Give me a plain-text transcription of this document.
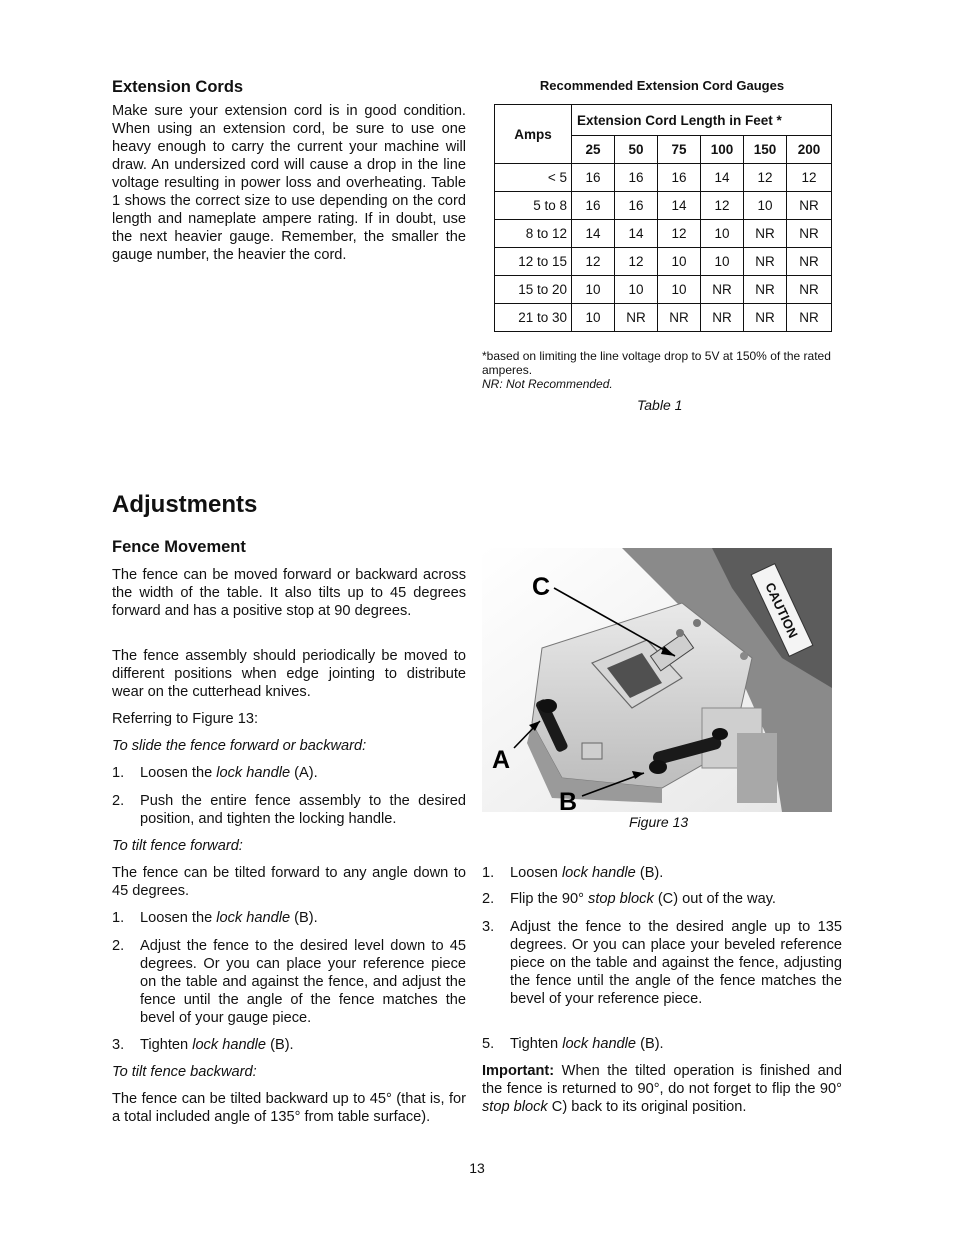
Extension Cords

Make sure your extension cord is in good condition. When using an extension cord, be sure to use one heavy enough to carry the current your machine will draw. An undersized cord will cause a drop in the line voltage resulting in power loss and overheating. Table 1 shows the correct size to use depending on the cord length and nameplate ampere rating. If in doubt, use the next heavier gauge. Remember, the smaller the gauge number, the heavier the cord.

Recommended Extension Cord Gauges
Amps	Extension Cord Length in Feet *					
	25	50	75	100	150	200
< 5	16	16	16	14	12	12
5 to 8	16	16	14	12	10	NR
8 to 12	14	14	12	10	NR	NR
12 to 15	12	12	10	10	NR	NR
15 to 20	10	10	10	NR	NR	NR
21 to 30	10	NR	NR	NR	NR	NR
*based on limiting the line voltage drop to 5V at 150% of the rated amperes.
NR: Not Recommended.
Table 1
Adjustments
Fence Movement

The fence can be moved forward or backward across the width of the table. It also tilts up to 45 degrees forward and has a positive stop at 90 degrees.

The fence assembly should periodically be moved to different positions when edge jointing to distribute wear on the cutterhead knives.

Referring to Figure 13:

To slide the fence forward or backward:

1. Loosen the lock handle (A).
2. Push the entire fence assembly to the desired position, and tighten the locking handle.

To tilt fence forward:

The fence can be tilted forward to any angle down to 45 degrees.

1. Loosen the lock handle (B).
2. Adjust the fence to the desired level down to 45 degrees. Or you can place your reference piece on the table and against the fence, and adjust the fence until the angle of the fence matches the bevel of your gauge piece.
3. Tighten lock handle (B).

To tilt fence backward:

The fence can be tilted backward up to 45° (that is, for a total included angle of 135° from table surface).

CAUTION
C
A
B
Figure 13
1. Loosen lock handle (B).
2. Flip the 90° stop block (C) out of the way.
3. Adjust the fence to the desired angle up to 135 degrees. Or you can place your beveled reference piece on the table and against the fence, adjusting the fence until the angle of the fence matches the bevel of your reference piece.
5. Tighten lock handle (B).

Important: When the tilted operation is finished and the fence is returned to 90°, do not forget to flip the 90° stop block C) back to its original position.

13
